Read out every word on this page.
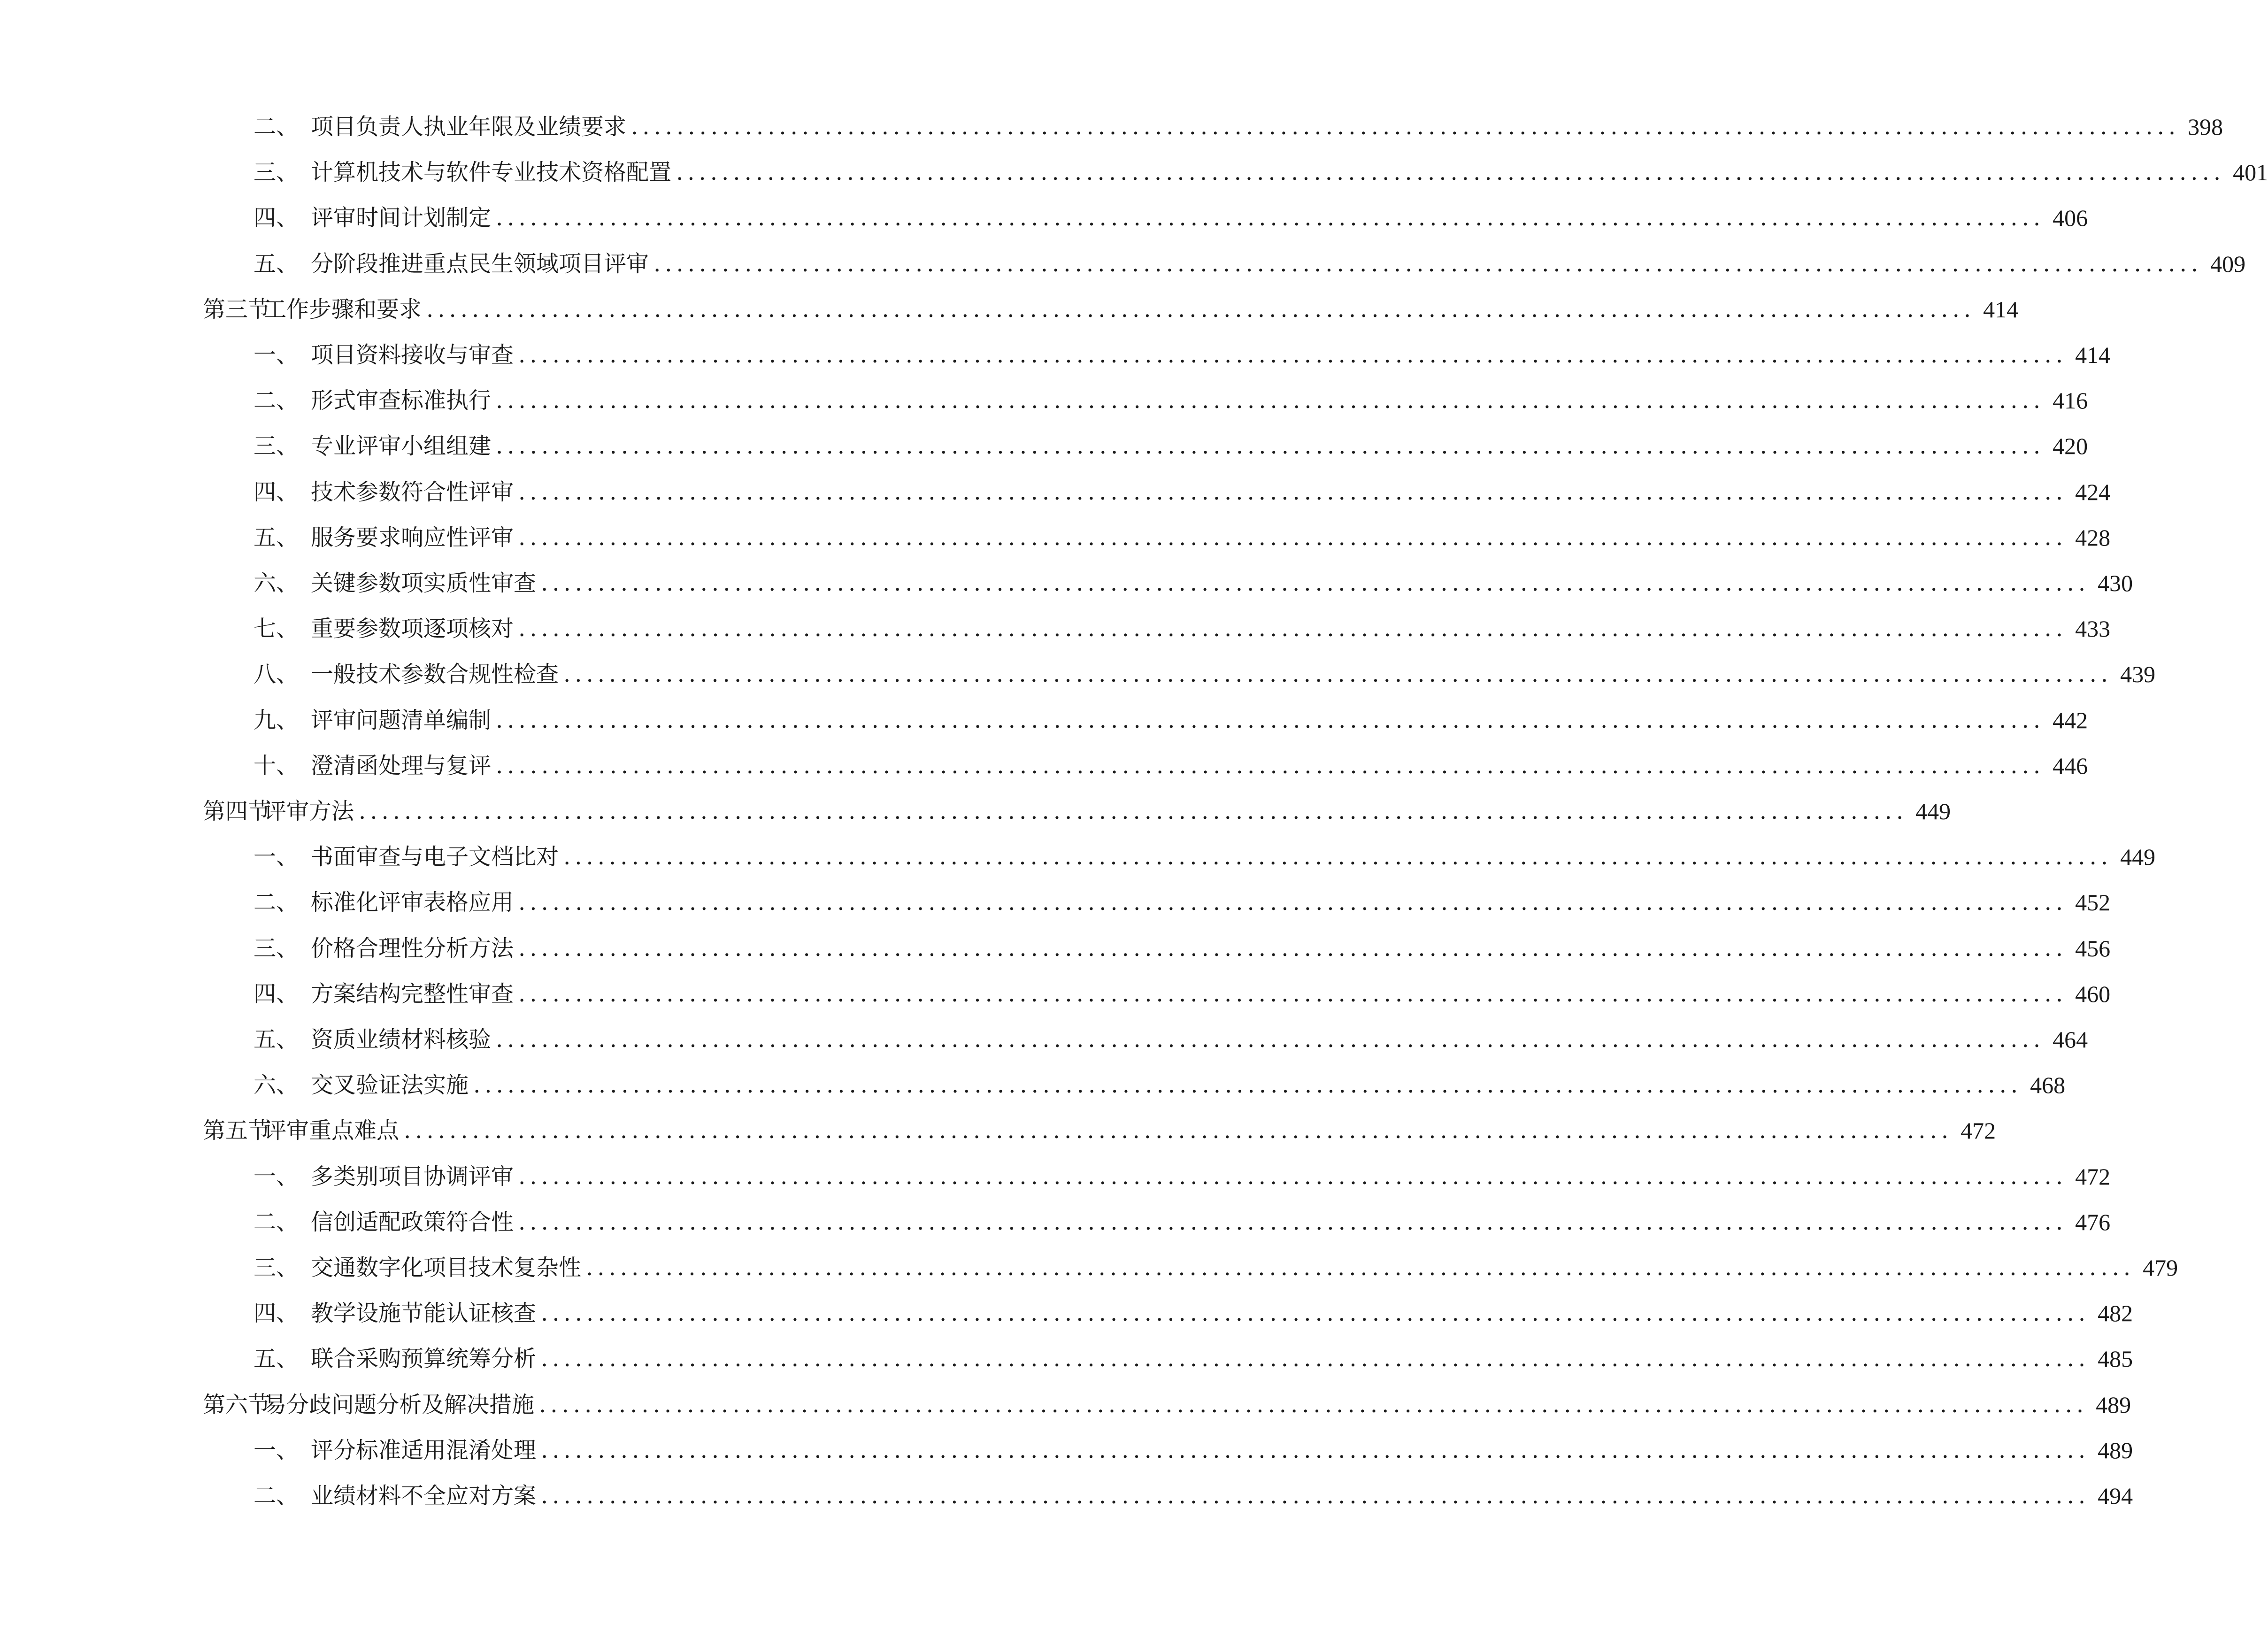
二、 项目负责人执业年限及业绩要求 ........................................................................................................................................ 398
三、 计算机技术与软件专业技术资格配置 ........................................................................................................................................ 401
四、 评审时间计划制定 ........................................................................................................................................ 406
五、 分阶段推进重点民生领域项目评审 ........................................................................................................................................ 409
第三节
工作步骤和要求 ........................................................................................................................................ 414
一、 项目资料接收与审查 ........................................................................................................................................ 414
二、 形式审查标准执行 ........................................................................................................................................ 416
三、 专业评审小组组建 ........................................................................................................................................ 420
四、 技术参数符合性评审 ........................................................................................................................................ 424
五、 服务要求响应性评审 ........................................................................................................................................ 428
六、 关键参数项实质性审查 ........................................................................................................................................ 430
七、 重要参数项逐项核对 ........................................................................................................................................ 433
八、 一般技术参数合规性检查 ........................................................................................................................................ 439
九、 评审问题清单编制 ........................................................................................................................................ 442
十、 澄清函处理与复评 ........................................................................................................................................ 446
第四节
评审方法 ........................................................................................................................................ 449
一、 书面审查与电子文档比对 ........................................................................................................................................ 449
二、 标准化评审表格应用 ........................................................................................................................................ 452
三、 价格合理性分析方法 ........................................................................................................................................ 456
四、 方案结构完整性审查 ........................................................................................................................................ 460
五、 资质业绩材料核验 ........................................................................................................................................ 464
六、 交叉验证法实施 ........................................................................................................................................ 468
第五节
评审重点难点 ........................................................................................................................................ 472
一、 多类别项目协调评审 ........................................................................................................................................ 472
二、 信创适配政策符合性 ........................................................................................................................................ 476
三、 交通数字化项目技术复杂性 ........................................................................................................................................ 479
四、 教学设施节能认证核查 ........................................................................................................................................ 482
五、 联合采购预算统筹分析 ........................................................................................................................................ 485
第六节
易分歧问题分析及解决措施 ........................................................................................................................................ 489
一、 评分标准适用混淆处理 ........................................................................................................................................ 489
二、 业绩材料不全应对方案 ........................................................................................................................................ 494
